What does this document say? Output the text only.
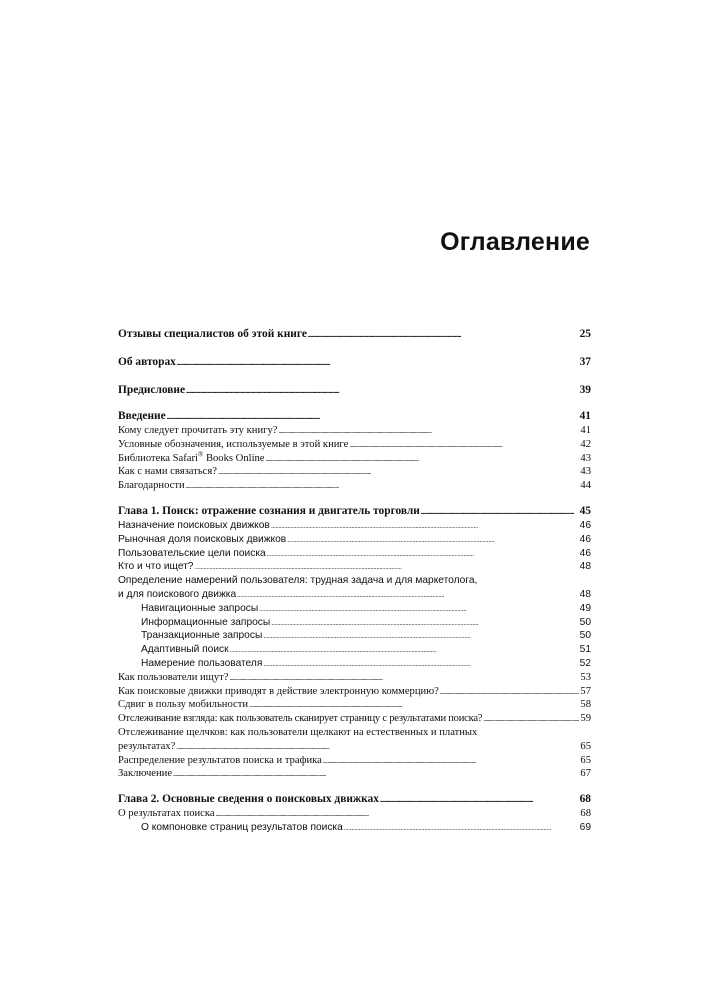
Оглавление
Отзывы специалистов об этой книге . . .	25
Об авторах . . .	37
Предисловие . . .	39
Введение . . .	41
Кому следует прочитать эту книгу? . . .	41
Условные обозначения, используемые в этой книге . . .	42
Библиотека Safari® Books Online . . .	43
Как с нами связаться? . . .	43
Благодарности . . .	44
Глава 1. Поиск: отражение сознания и двигатель торговли . . .	45
Назначение поисковых движков . . .	46
Рыночная доля поисковых движков . . .	46
Пользовательские цели поиска . . .	46
Кто и что ищет? . . .	48
Определение намерений пользователя: трудная задача и для маркетолога,
и для поискового движка . . .	48
Навигационные запросы . . .	49
Информационные запросы . . .	50
Транзакционные запросы . . .	50
Адаптивный поиск . . .	51
Намерение пользователя . . .	52
Как пользователи ищут? . . .	53
Как поисковые движки приводят в действие электронную коммерцию? . . .	57
Сдвиг в пользу мобильности . . .	58
Отслеживание взгляда: как пользователь сканирует страницу с результатами поиска? . . .	59
Отслеживание щелчков: как пользователи щелкают на естественных и платных
результатах? . . .	65
Распределение результатов поиска и трафика . . .	65
Заключение . . .	67
Глава 2. Основные сведения о поисковых движках . . .	68
О результатах поиска . . .	68
О компоновке страниц результатов поиска . . .	69
